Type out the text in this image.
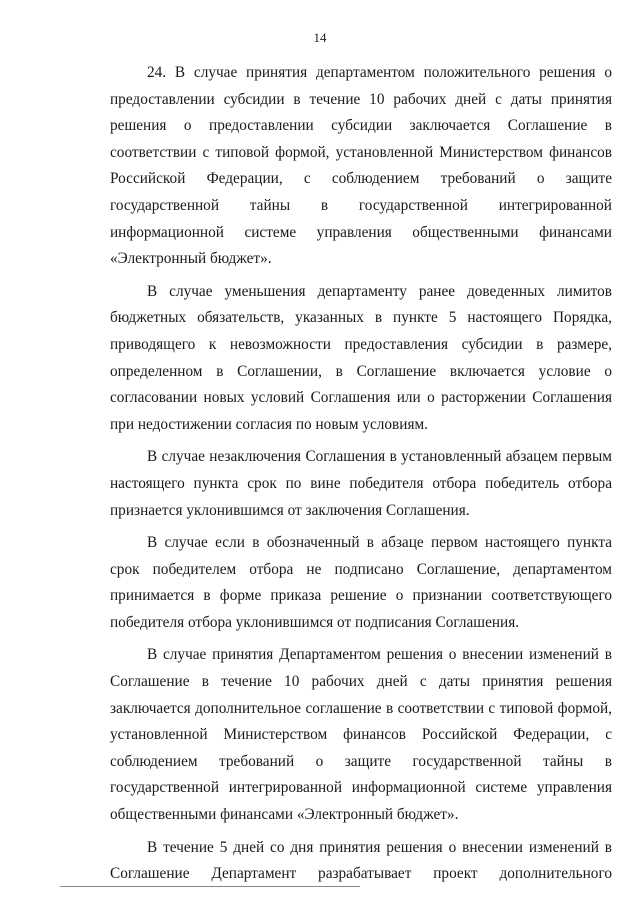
14

24. В случае принятия департаментом положительного решения о предоставлении субсидии в течение 10 рабочих дней с даты принятия решения о предоставлении субсидии заключается Соглашение в соответствии с типовой формой, установленной Министерством финансов Российской Федерации, с соблюдением требований о защите государственной тайны в государственной интегрированной информационной системе управления общественными финансами «Электронный бюджет».

В случае уменьшения департаменту ранее доведенных лимитов бюджетных обязательств, указанных в пункте 5 настоящего Порядка, приводящего к невозможности предоставления субсидии в размере, определенном в Соглашении, в Соглашение включается условие о согласовании новых условий Соглашения или о расторжении Соглашения при недостижении согласия по новым условиям.

В случае незаключения Соглашения в установленный абзацем первым настоящего пункта срок по вине победителя отбора победитель отбора признается уклонившимся от заключения Соглашения.

В случае если в обозначенный в абзаце первом настоящего пункта срок победителем отбора не подписано Соглашение, департаментом принимается в форме приказа решение о признании соответствующего победителя отбора уклонившимся от подписания Соглашения.

В случае принятия Департаментом решения о внесении изменений в Соглашение в течение 10 рабочих дней с даты принятия решения заключается дополнительное соглашение в соответствии с типовой формой, установленной Министерством финансов Российской Федерации, с соблюдением требований о защите государственной тайны в государственной интегрированной информационной системе управления общественными финансами «Электронный бюджет».

В течение 5 дней со дня принятия решения о внесении изменений в Соглашение Департамент разрабатывает проект дополнительного
